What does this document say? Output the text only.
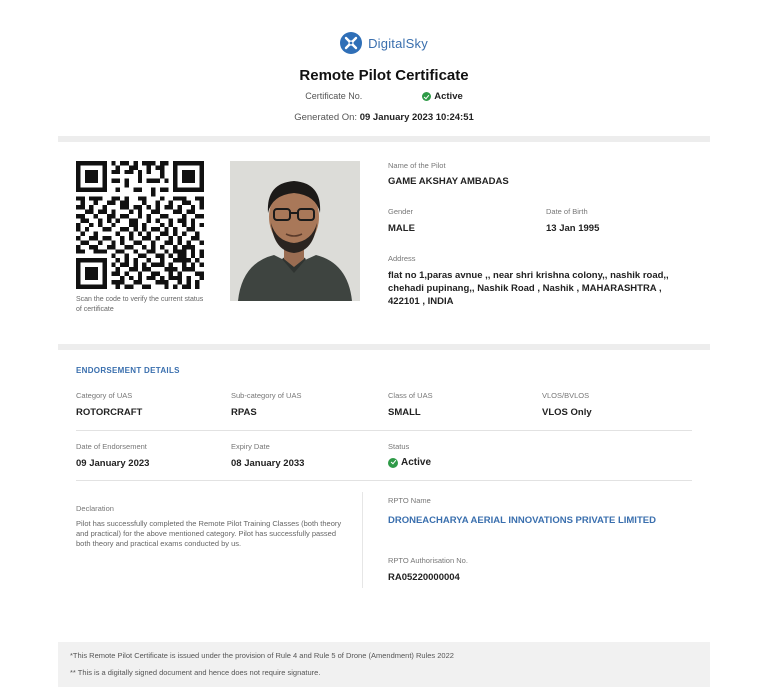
DigitalSky
Remote Pilot Certificate
Certificate No.	Active
Generated On: 09 January 2023 10:24:51
Scan the code to verify the current status of certificate
Name of the Pilot
GAME AKSHAY AMBADAS
Gender
MALE
Date of Birth
13 Jan 1995
Address
flat no 1,paras avnue ,, near shri krishna colony,, nashik road,, chehadi pupinang,, Nashik Road , Nashik , MAHARASHTRA , 422101 , INDIA
ENDORSEMENT DETAILS
Category of UAS
ROTORCRAFT
Sub-category of UAS
RPAS
Class of UAS
SMALL
VLOS/BVLOS
VLOS Only
Date of Endorsement
09 January 2023
Expiry Date
08 January 2033
Status
Active
Declaration
Pilot has successfully completed the Remote Pilot Training Classes (both theory and practical) for the above mentioned category. Pilot has successfully passed both theory and practical exams conducted by us.
RPTO Name
DRONEACHARYA AERIAL INNOVATIONS PRIVATE LIMITED
RPTO Authorisation No.
RA05220000004
*This Remote Pilot Certificate is issued under the provision of Rule 4 and Rule 5 of Drone (Amendment) Rules 2022
** This is a digitally signed document and hence does not require signature.
